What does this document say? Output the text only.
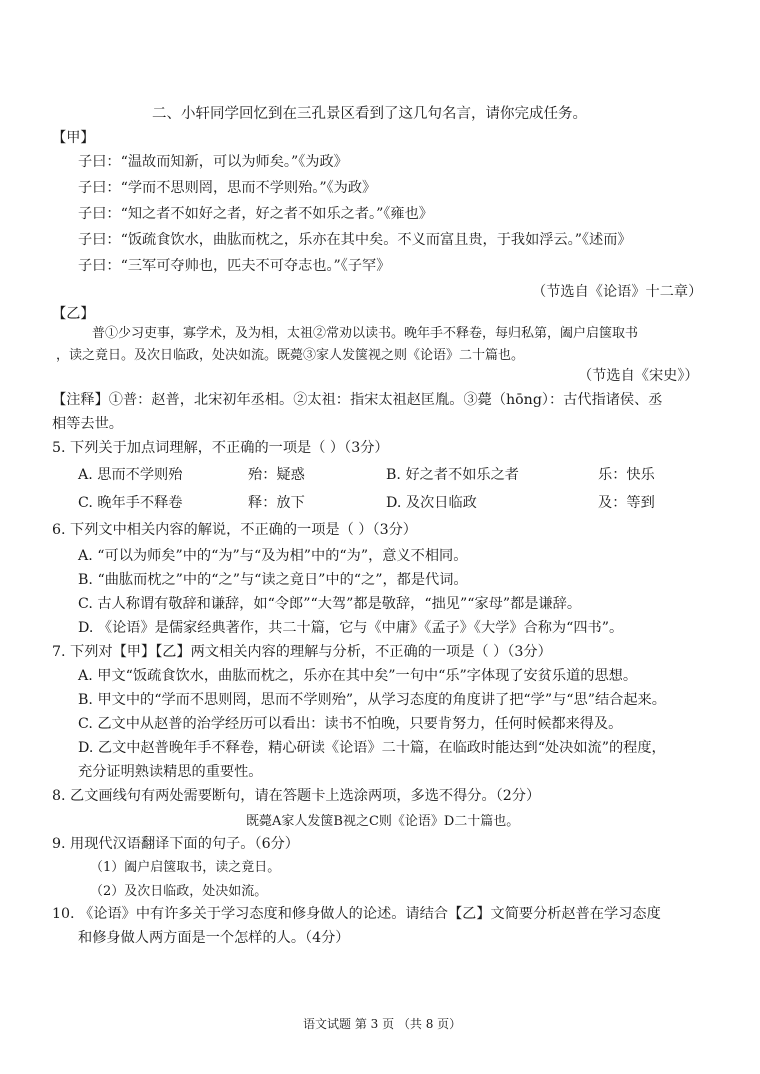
二、小轩同学回忆到在三孔景区看到了这几句名言，请你完成任务。
【甲】
子曰：“温故而知新，可以为师矣。”《为政》
子曰：“学而不思则罔，思而不学则殆。”《为政》
子曰：“知之者不如好之者，好之者不如乐之者。”《雍也》
子曰：“饭疏食饮水，曲肱而枕之，乐亦在其中矣。不义而富且贵，于我如浮云。”《述而》
子曰：“三军可夺帅也，匹夫不可夺志也。”《子罕》
（节选自《论语》十二章）
【乙】
普①少习吏事，寡学术，及为相，太祖②常劝以读书。晚年手不释卷，每归私第，阖户启箧取书
，读之竟日。及次日临政，处决如流。既薨③家人发箧视之则《论语》二十篇也。
（节选自《宋史》）
【注释】①普：赵普，北宋初年丞相。②太祖：指宋太祖赵匡胤。③薨（hōng）：古代指诸侯、丞
相等去世。
5. 下列关于加点词理解，不正确的一项是（ ）（3分）
A. 思而不学则殆	殆：疑惑	B. 好之者不如乐之者	乐：快乐
C. 晚年手不释卷	释：放下	D. 及次日临政	及：等到
6. 下列文中相关内容的解说，不正确的一项是（ ）（3分）
A. “可以为师矣”中的“为”与“及为相”中的“为”，意义不相同。
B. “曲肱而枕之”中的“之”与“读之竟日”中的“之”，都是代词。
C. 古人称谓有敬辞和谦辞，如“令郎”“大驾”都是敬辞，“拙见”“家母”都是谦辞。
D. 《论语》是儒家经典著作，共二十篇，它与《中庸》《孟子》《大学》合称为“四书”。
7. 下列对【甲】【乙】两文相关内容的理解与分析，不正确的一项是（ ）（3分）
A. 甲文“饭疏食饮水，曲肱而枕之，乐亦在其中矣”一句中“乐”字体现了安贫乐道的思想。
B. 甲文中的“学而不思则罔，思而不学则殆”，从学习态度的角度讲了把“学”与“思”结合起来。
C. 乙文中从赵普的治学经历可以看出：读书不怕晚，只要肯努力，任何时候都来得及。
D. 乙文中赵普晚年手不释卷，精心研读《论语》二十篇，在临政时能达到“处决如流”的程度，
充分证明熟读精思的重要性。
8. 乙文画线句有两处需要断句，请在答题卡上选涂两项，多选不得分。（2分）
既薨A家人发箧B视之C则《论语》D二十篇也。
9. 用现代汉语翻译下面的句子。（6分）
（1）阖户启箧取书，读之竟日。
（2）及次日临政，处决如流。
10. 《论语》中有许多关于学习态度和修身做人的论述。请结合【乙】文简要分析赵普在学习态度
和修身做人两方面是一个怎样的人。（4分）
语文试题 第 3 页 （共 8 页）
